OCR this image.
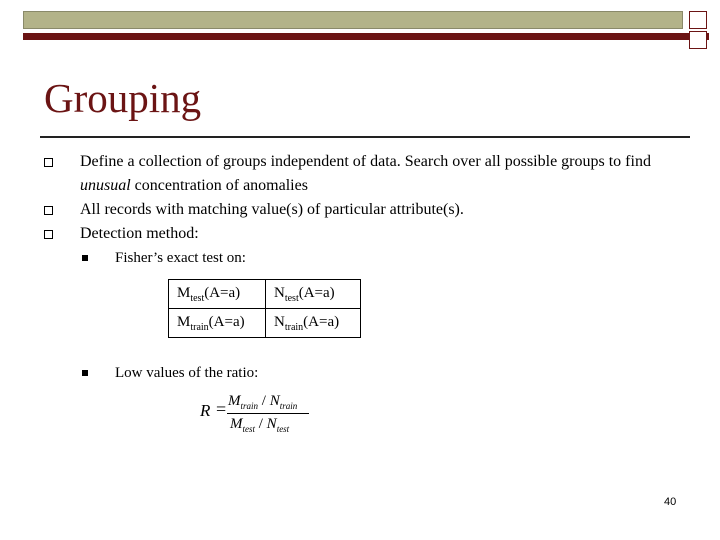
Grouping
Define a collection of groups independent of data. Search over all possible groups to find unusual concentration of anomalies
All records with matching value(s) of particular attribute(s).
Detection method:
Fisher’s exact test on:
$M_{test}(A=a)$	$N_{test}(A=a)$
$M_{train}(A=a)$	$N_{train}(A=a)$
Low values of the ratio:
$R = M_{train} / N_{train}$
$M_{test} / N_{test}$
40
